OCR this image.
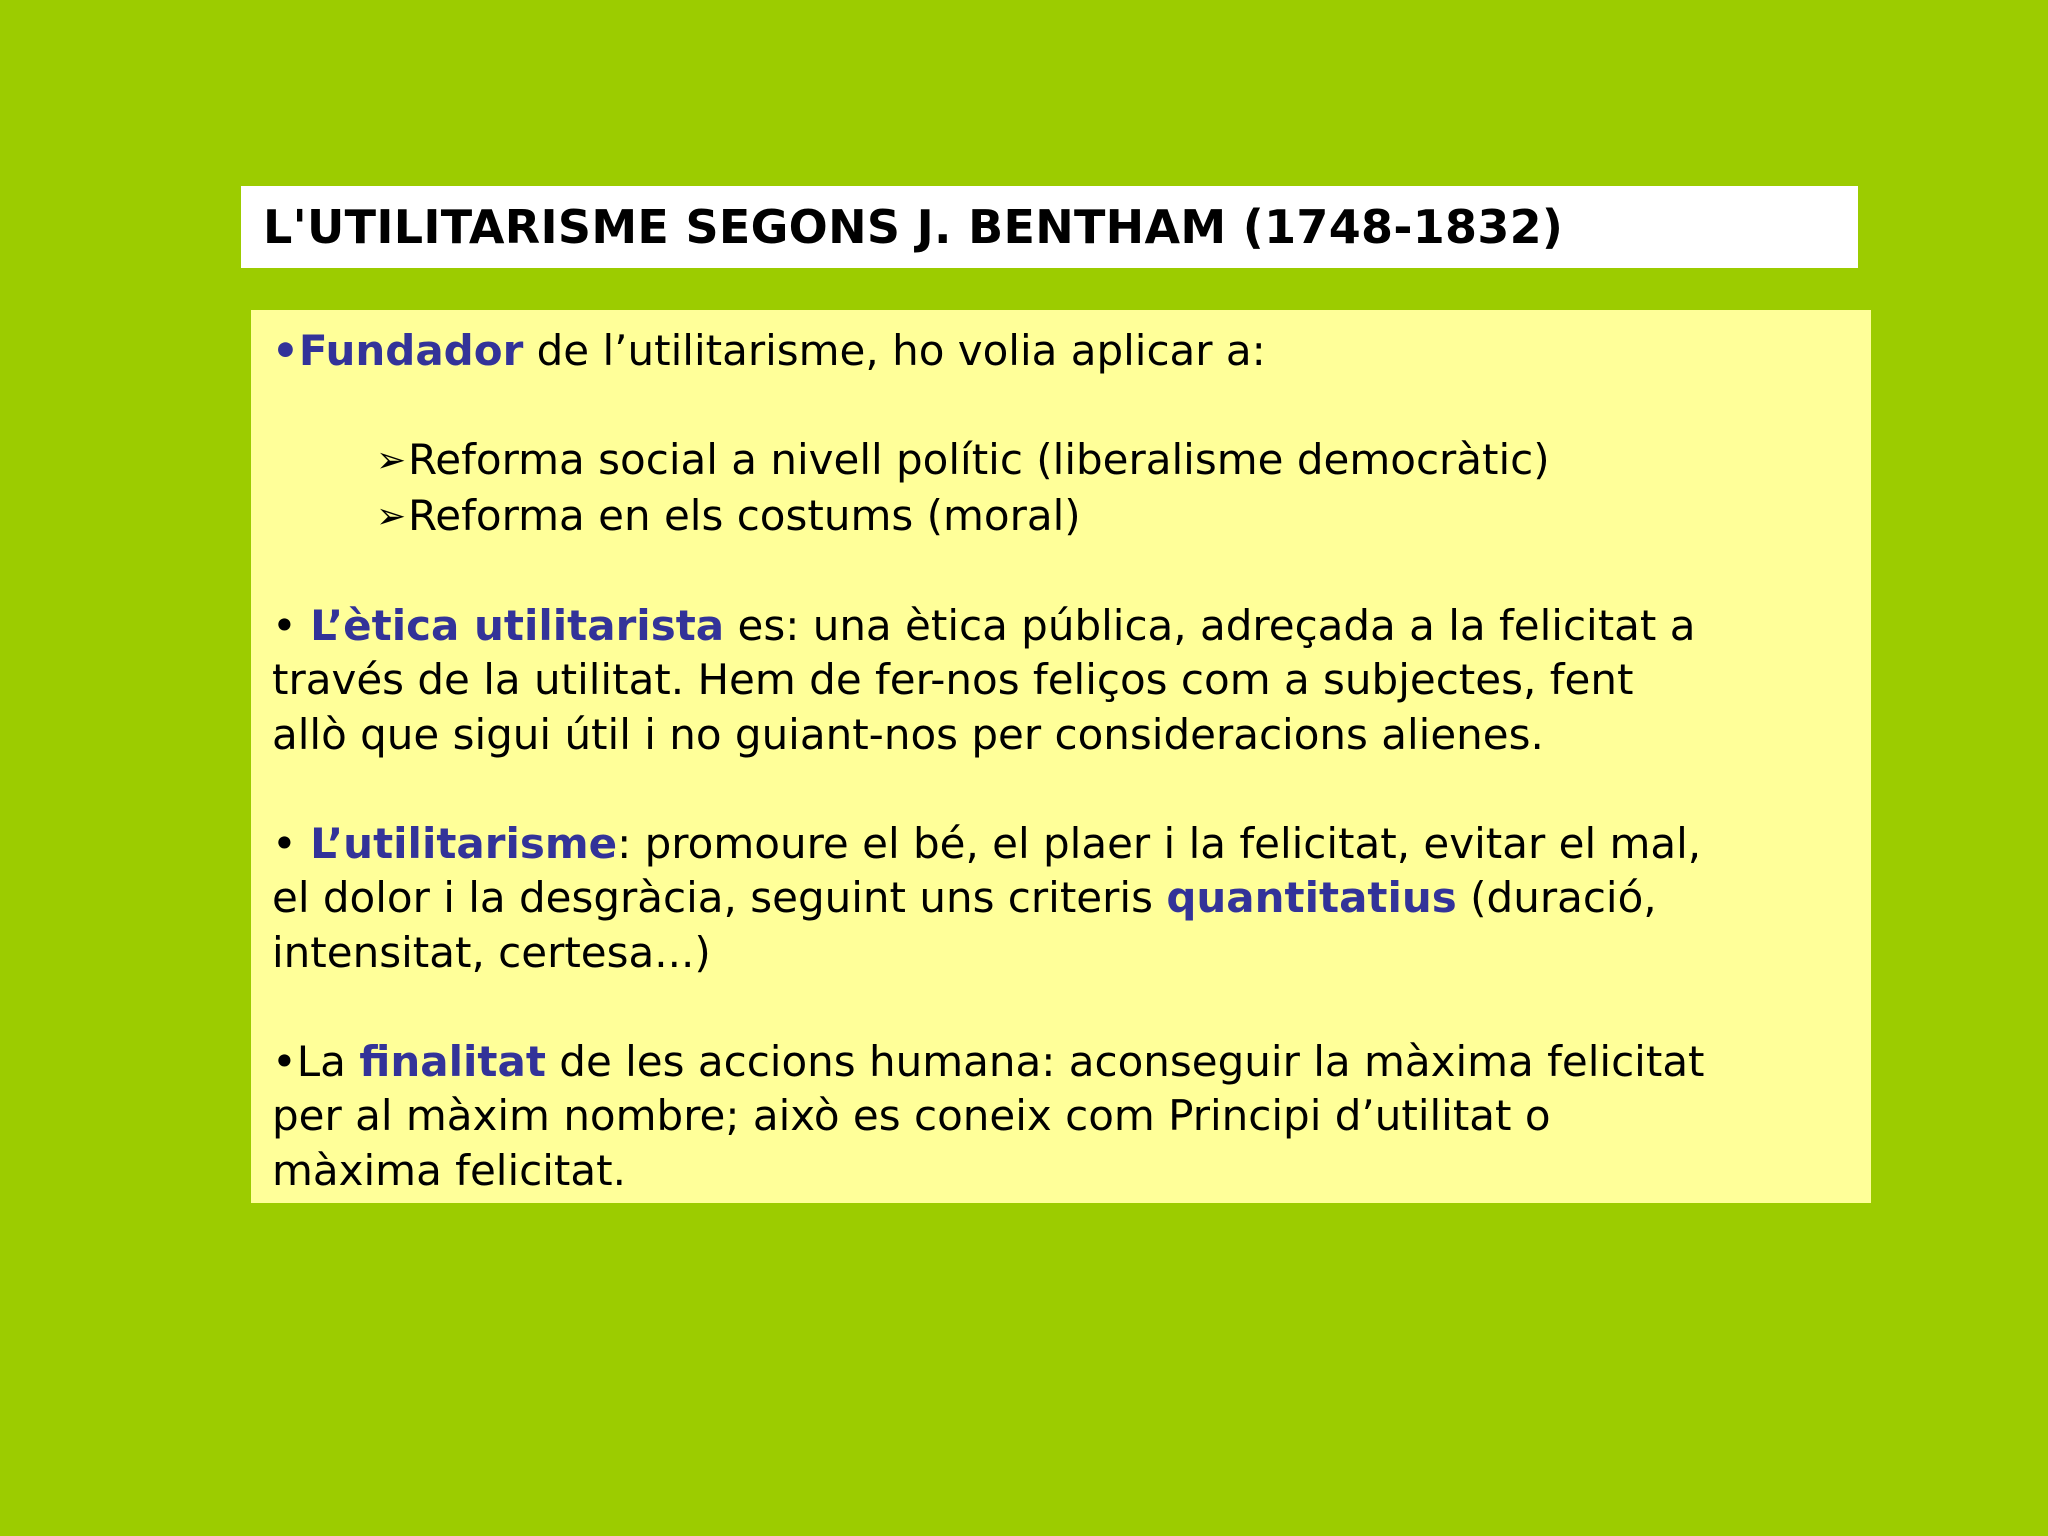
L'UTILITARISME SEGONS J. BENTHAM (1748-1832)

•Fundador de l’utilitarisme, ho volia aplicar a:

➢Reforma social a nivell polític (liberalisme democràtic)

➢Reforma en els costums (moral)

• L’ètica utilitarista es: una ètica pública, adreçada a la felicitat a

través de la utilitat. Hem de fer-nos feliços com a subjectes, fent

allò que sigui útil i no guiant-nos per consideracions alienes.

• L’utilitarisme: promoure el bé, el plaer i la felicitat, evitar el mal,

el dolor i la desgràcia, seguint uns criteris quantitatius (duració,

intensitat, certesa...)

•La finalitat de les accions humana: aconseguir la màxima felicitat

per al màxim nombre; això es coneix com Principi d’utilitat o

màxima felicitat.
